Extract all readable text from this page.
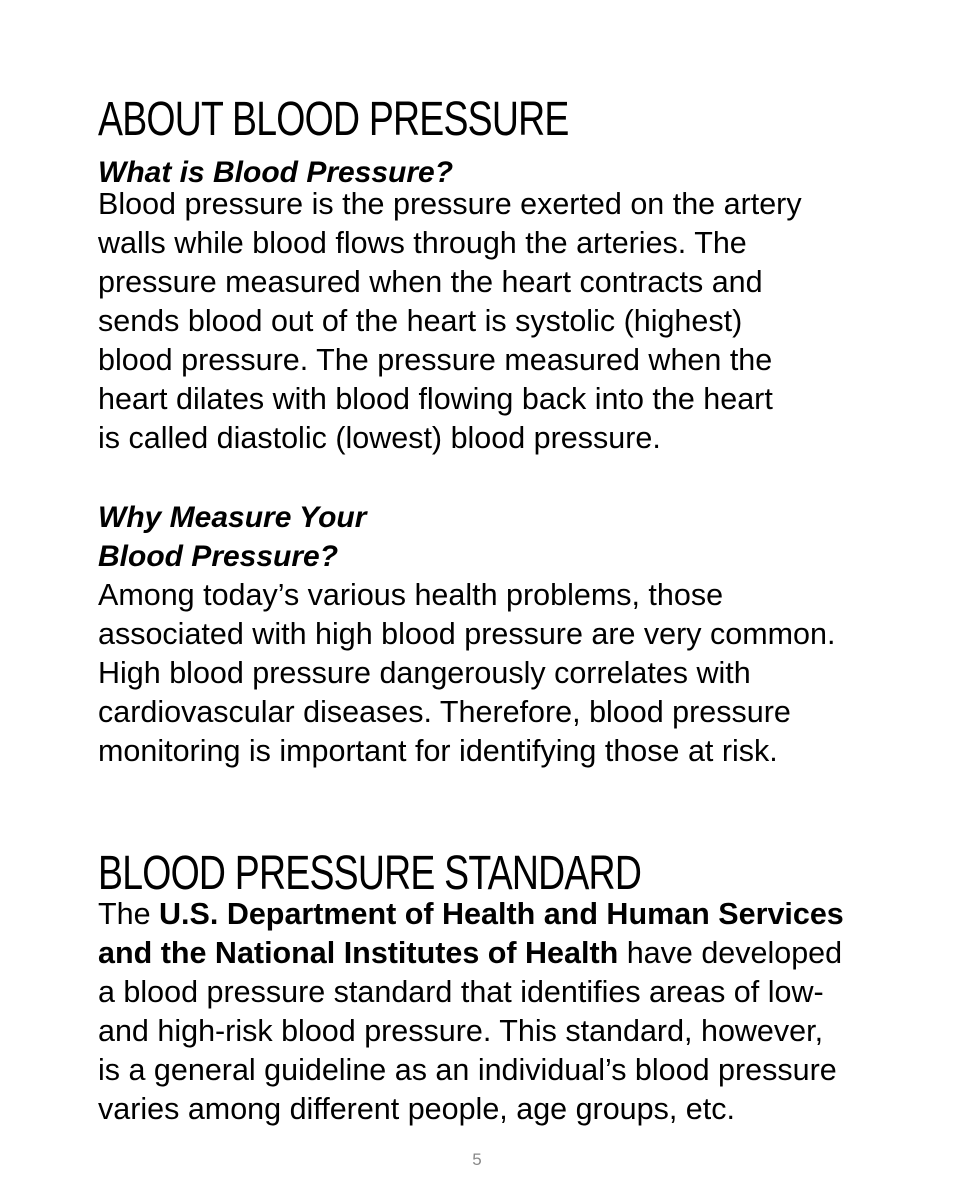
ABOUT BLOOD PRESSURE
What is Blood Pressure?

Blood pressure is the pressure exerted on the artery
walls while blood flows through the arteries. The
pressure measured when the heart contracts and
sends blood out of the heart is systolic (highest)
blood pressure. The pressure measured when the
heart dilates with blood flowing back into the heart
is called diastolic (lowest) blood pressure.

Why Measure Your
Blood Pressure?

Among today’s various health problems, those
associated with high blood pressure are very common.
High blood pressure dangerously correlates with
cardiovascular diseases. Therefore, blood pressure
monitoring is important for identifying those at risk.

BLOOD PRESSURE STANDARD

The U.S. Department of Health and Human Services
and the National Institutes of Health have developed
a blood pressure standard that identifies areas of low-
and high-risk blood pressure. This standard, however,
is a general guideline as an individual’s blood pressure
varies among different people, age groups, etc.

5
